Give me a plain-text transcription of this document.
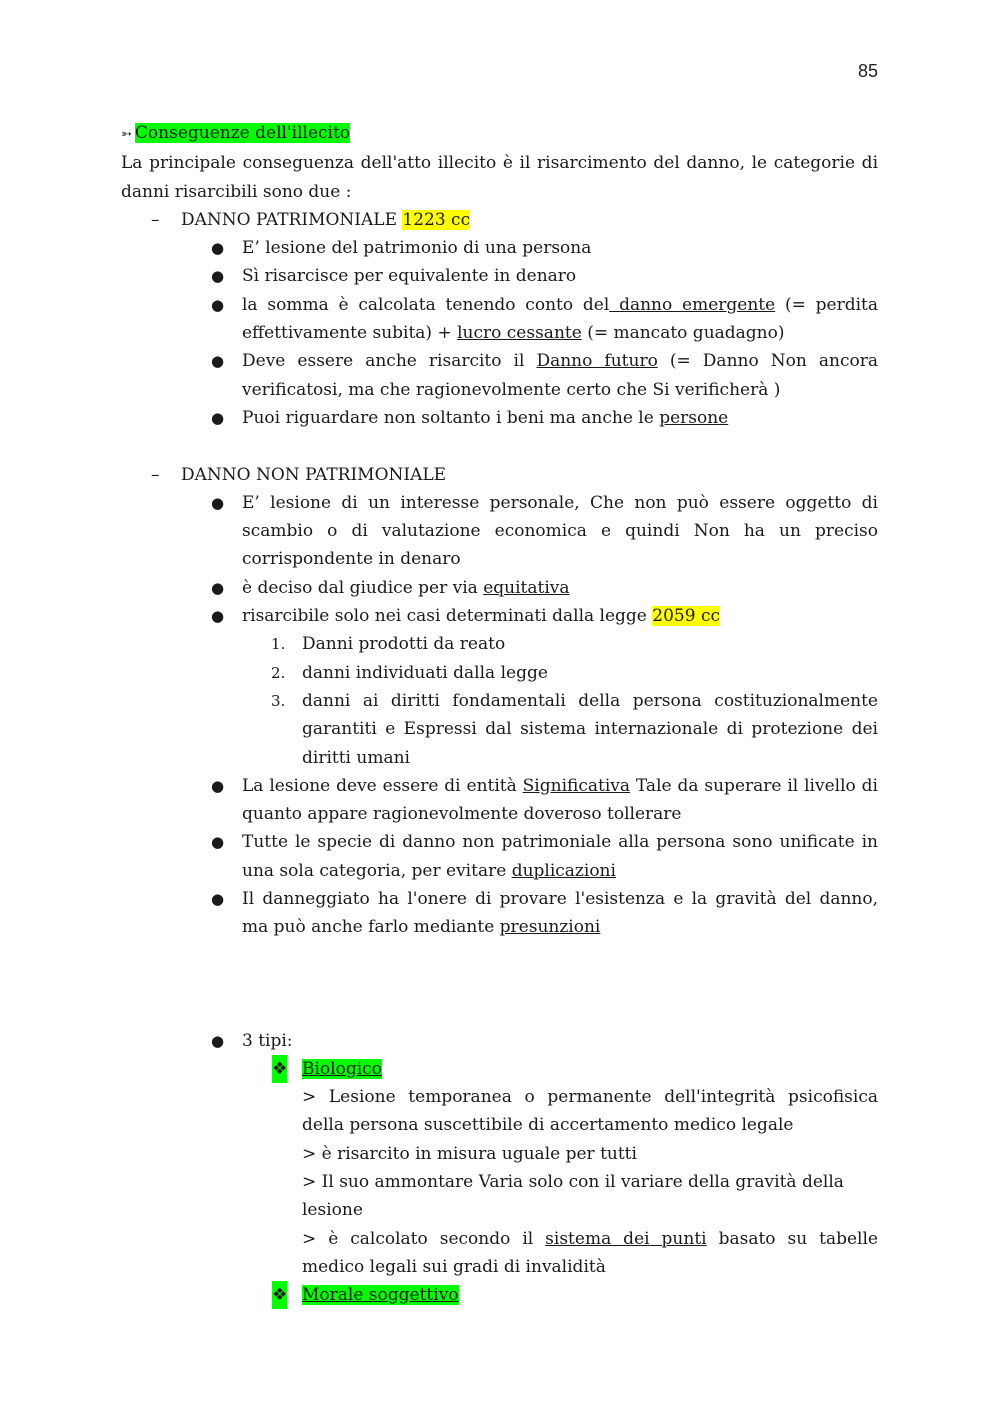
85

➳ Conseguenze dell'illecito

La principale conseguenza dell'atto illecito è il risarcimento del danno, le categorie di danni risarcibili sono due :

– DANNO PATRIMONIALE 1223 cc
● E’ lesione del patrimonio di una persona
● Sì risarcisce per equivalente in denaro
● la somma è calcolata tenendo conto del danno emergente (= perdita effettivamente subita) + lucro cessante (= mancato guadagno)
● Deve essere anche risarcito il Danno futuro (= Danno Non ancora verificatosi, ma che ragionevolmente certo che Si verificherà )
● Puoi riguardare non soltanto i beni ma anche le persone
– DANNO NON PATRIMONIALE
● E’ lesione di un interesse personale, Che non può essere oggetto di scambio o di valutazione economica e quindi Non ha un preciso corrispondente in denaro
● è deciso dal giudice per via equitativa
● risarcibile solo nei casi determinati dalla legge 2059 cc
1. Danni prodotti da reato
2. danni individuati dalla legge
3. danni ai diritti fondamentali della persona costituzionalmente garantiti e Espressi dal sistema internazionale di protezione dei diritti umani
● La lesione deve essere di entità Significativa Tale da superare il livello di quanto appare ragionevolmente doveroso tollerare
● Tutte le specie di danno non patrimoniale alla persona sono unificate in una sola categoria, per evitare duplicazioni
● Il danneggiato ha l'onere di provare l'esistenza e la gravità del danno, ma può anche farlo mediante presunzioni
● 3 tipi:
❖ Biologico

> Lesione temporanea o permanente dell'integrità psicofisica della persona suscettibile di accertamento medico legale

> è risarcito in misura uguale per tutti

> Il suo ammontare Varia solo con il variare della gravità della lesione

> è calcolato secondo il sistema dei punti basato su tabelle medico legali sui gradi di invalidità

❖ Morale soggettivo
